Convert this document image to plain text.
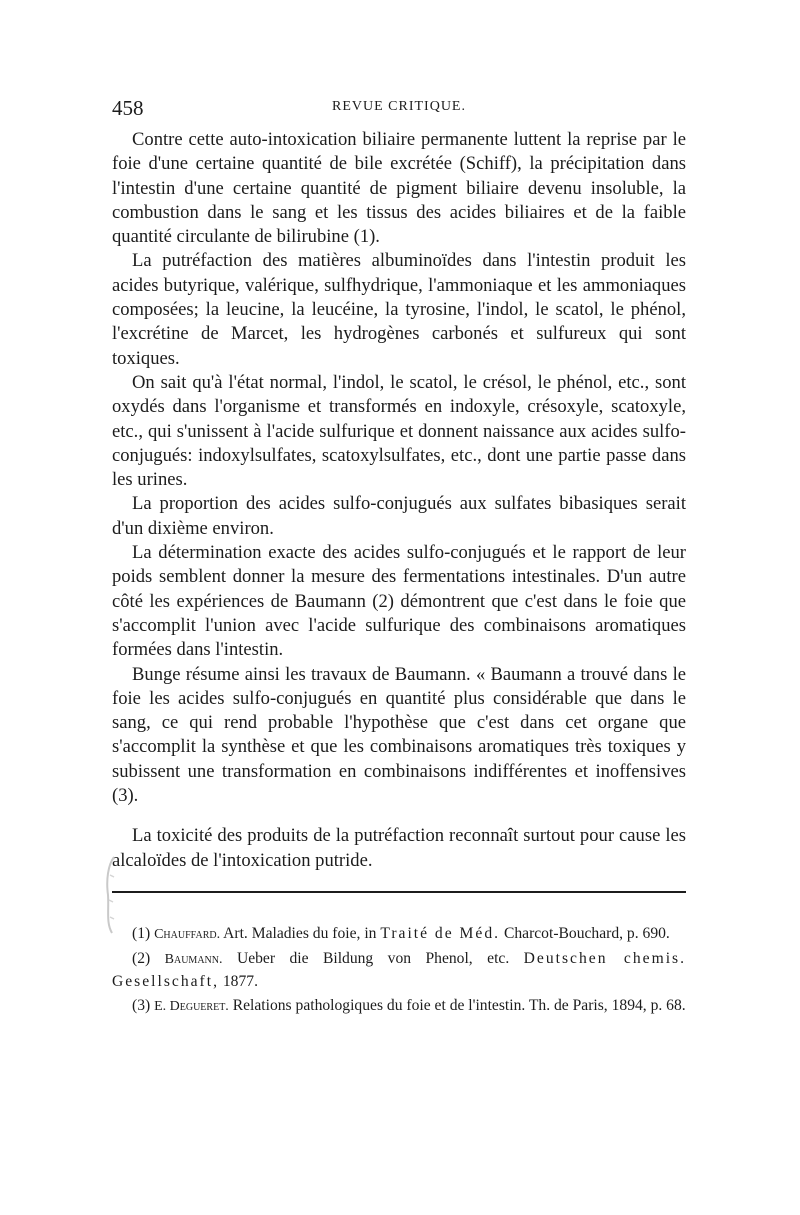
458	REVUE CRITIQUE.

Contre cette auto-intoxication biliaire permanente luttent la reprise par le foie d'une certaine quantité de bile excrétée (Schiff), la précipitation dans l'intestin d'une certaine quantité de pigment biliaire devenu insoluble, la combustion dans le sang et les tissus des acides biliaires et de la faible quantité circulante de bilirubine (1).

La putréfaction des matières albuminoïdes dans l'intestin produit les acides butyrique, valérique, sulfhydrique, l'ammoniaque et les ammoniaques composées; la leucine, la leucéine, la tyrosine, l'indol, le scatol, le phénol, l'excrétine de Marcet, les hydrogènes carbonés et sulfureux qui sont toxiques.

On sait qu'à l'état normal, l'indol, le scatol, le crésol, le phénol, etc., sont oxydés dans l'organisme et transformés en indoxyle, crésoxyle, scatoxyle, etc., qui s'unissent à l'acide sulfurique et donnent naissance aux acides sulfo-conjugués: indoxylsulfates, scatoxylsulfates, etc., dont une partie passe dans les urines.

La proportion des acides sulfo-conjugués aux sulfates bibasiques serait d'un dixième environ.

La détermination exacte des acides sulfo-conjugués et le rapport de leur poids semblent donner la mesure des fermentations intestinales. D'un autre côté les expériences de Baumann (2) démontrent que c'est dans le foie que s'accomplit l'union avec l'acide sulfurique des combinaisons aromatiques formées dans l'intestin.

Bunge résume ainsi les travaux de Baumann. « Baumann a trouvé dans le foie les acides sulfo-conjugués en quantité plus considérable que dans le sang, ce qui rend probable l'hypothèse que c'est dans cet organe que s'accomplit la synthèse et que les combinaisons aromatiques très toxiques y subissent une transformation en combinaisons indifférentes et inoffensives (3).

La toxicité des produits de la putréfaction reconnaît surtout pour cause les alcaloïdes de l'intoxication putride.

(1) Chauffard. Art. Maladies du foie, in Traité de Méd. Charcot-Bouchard, p. 690.

(2) Baumann. Ueber die Bildung von Phenol, etc. Deutschen chemis. Gesellschaft, 1877.

(3) E. Degueret. Relations pathologiques du foie et de l'intestin. Th. de Paris, 1894, p. 68.
